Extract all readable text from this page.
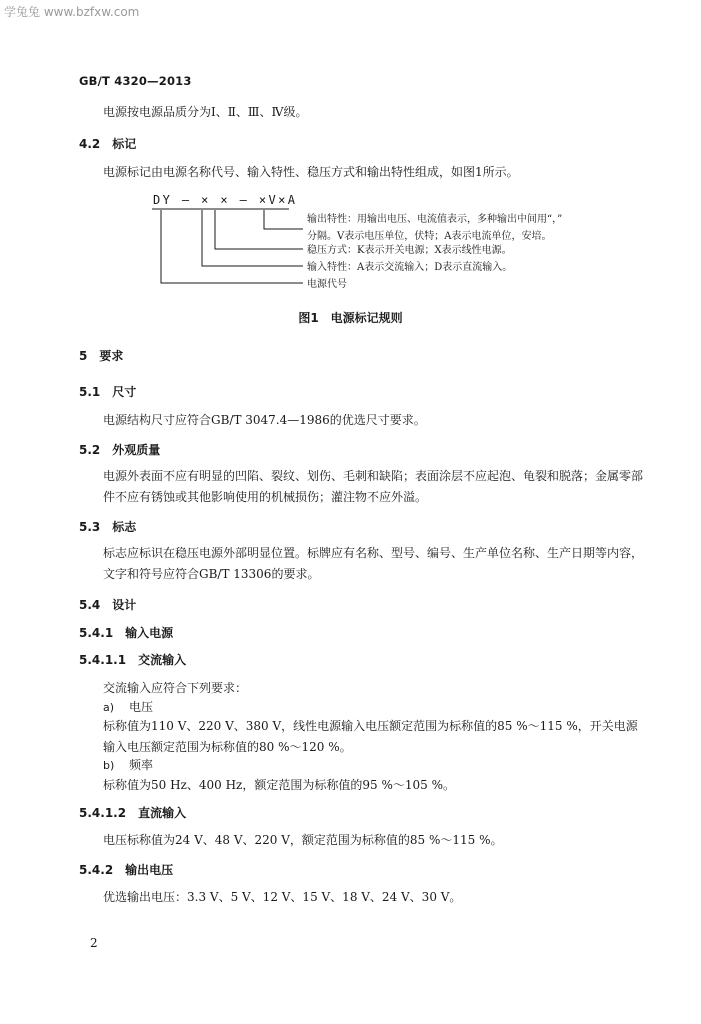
学兔兔 www.bzfxw.com
GB/T 4320—2013
电源按电源品质分为Ⅰ、Ⅱ、Ⅲ、Ⅳ级。
4.2 标记
电源标记由电源名称代号、输入特性、稳压方式和输出特性组成，如图1所示。
DY — × × — ×V×A
输出特性：用输出电压、电流值表示，多种输出中间用“，”
分隔。V表示电压单位，伏特；A表示电流单位，安培。
稳压方式：K表示开关电源；X表示线性电源。
输入特性：A表示交流输入；D表示直流输入。
电源代号
图1 电源标记规则
5 要求
5.1 尺寸
电源结构尺寸应符合GB/T 3047.4—1986的优选尺寸要求。
5.2 外观质量
电源外表面不应有明显的凹陷、裂纹、划伤、毛刺和缺陷；表面涂层不应起泡、龟裂和脱落；金属零部件不应有锈蚀或其他影响使用的机械损伤；灌注物不应外溢。
5.3 标志
标志应标识在稳压电源外部明显位置。标牌应有名称、型号、编号、生产单位名称、生产日期等内容，文字和符号应符合GB/T 13306的要求。
5.4 设计
5.4.1 输入电源
5.4.1.1 交流输入
交流输入应符合下列要求：
a) 电压
标称值为110 V、220 V、380 V，线性电源输入电压额定范围为标称值的85 %～115 %，开关电源输入电压额定范围为标称值的80 %～120 %。
b) 频率
标称值为50 Hz、400 Hz，额定范围为标称值的95 %～105 %。
5.4.1.2 直流输入
电压标称值为24 V、48 V、220 V，额定范围为标称值的85 %～115 %。
5.4.2 输出电压
优选输出电压：3.3 V、5 V、12 V、15 V、18 V、24 V、30 V。
2
